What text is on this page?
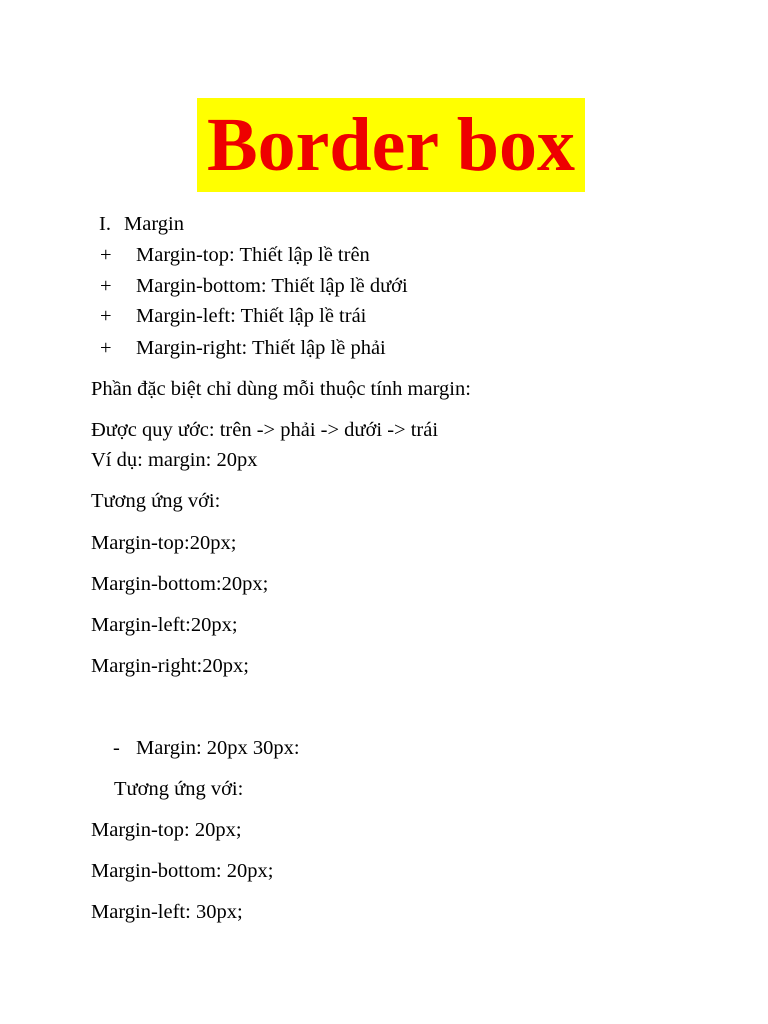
Border box
I. Margin
+ Margin-top: Thiết lập lề trên
+ Margin-bottom: Thiết lập lề dưới
+ Margin-left: Thiết lập lề trái
+ Margin-right: Thiết lập lề phải
Phần đặc biệt chỉ dùng mỗi thuộc tính margin:
Được quy ước: trên -> phải -> dưới -> trái
Ví dụ: margin: 20px
Tương ứng với:
Margin-top:20px;
Margin-bottom:20px;
Margin-left:20px;
Margin-right:20px;
- Margin: 20px 30px:
Tương ứng với:
Margin-top: 20px;
Margin-bottom: 20px;
Margin-left: 30px;
